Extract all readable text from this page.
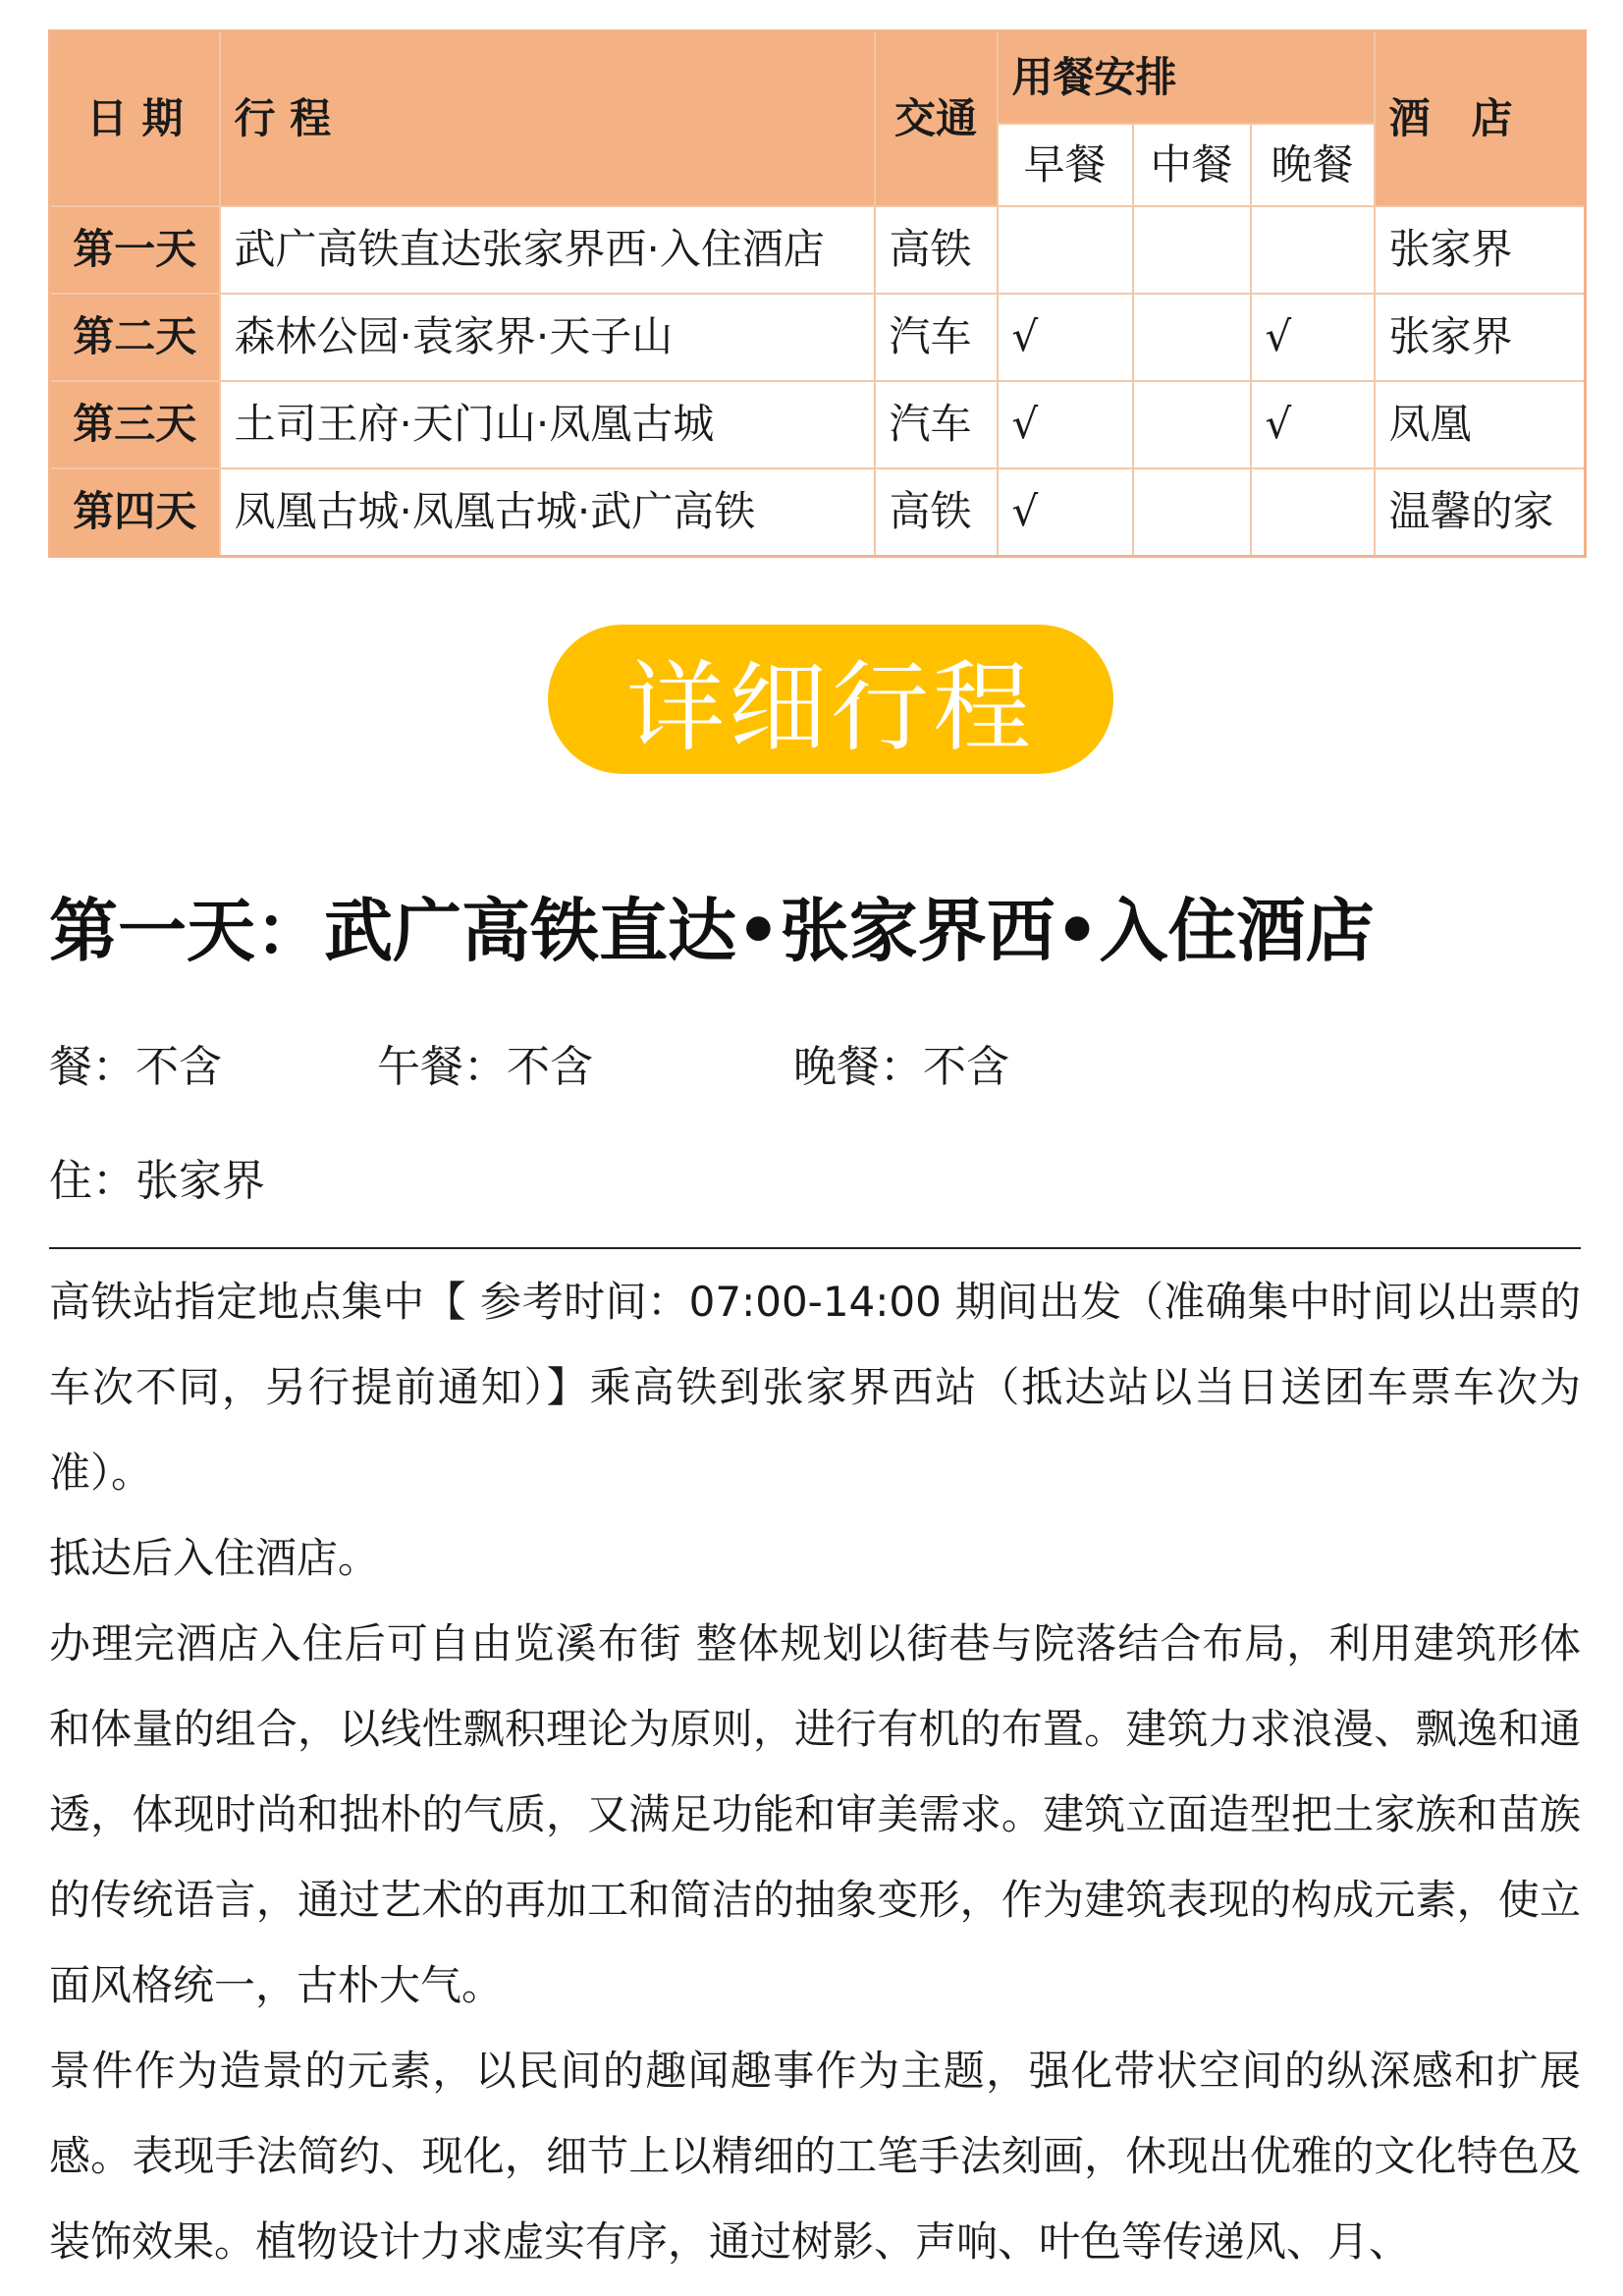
日 期	行 程	交通	用餐安排			酒　店
			早餐	中餐	晚餐	
第一天	武广高铁直达张家界西·入住酒店	高铁				张家界
第二天	森林公园·袁家界·天子山	汽车	√		√	张家界
第三天	土司王府·天门山·凤凰古城	汽车	√		√	凤凰
第四天	凤凰古城·凤凰古城·武广高铁	高铁	√			温馨的家
详细行程
第一天：武广高铁直达•张家界西•入住酒店
餐：不含	午餐：不含	晚餐：不含
住：张家界

高铁站指定地点集中【 参考时间：07:00-14:00 期间出发（准确集中时间以出票的车次不同，另行提前通知）】乘高铁到张家界西站（抵达站以当日送团车票车次为准）。

抵达后入住酒店。

办理完酒店入住后可自由览溪布街 整体规划以街巷与院落结合布局，利用建筑形体和体量的组合，以线性飘积理论为原则，进行有机的布置。建筑力求浪漫、飘逸和通透，体现时尚和拙朴的气质，又满足功能和审美需求。建筑立面造型把土家族和苗族的传统语言，通过艺术的再加工和简洁的抽象变形，作为建筑表现的构成元素，使立面风格统一，古朴大气。

景件作为造景的元素，以民间的趣闻趣事作为主题，强化带状空间的纵深感和扩展感。表现手法简约、现化，细节上以精细的工笔手法刻画，休现出优雅的文化特色及装饰效果。植物设计力求虚实有序，通过树影、声响、叶色等传递风、月、
